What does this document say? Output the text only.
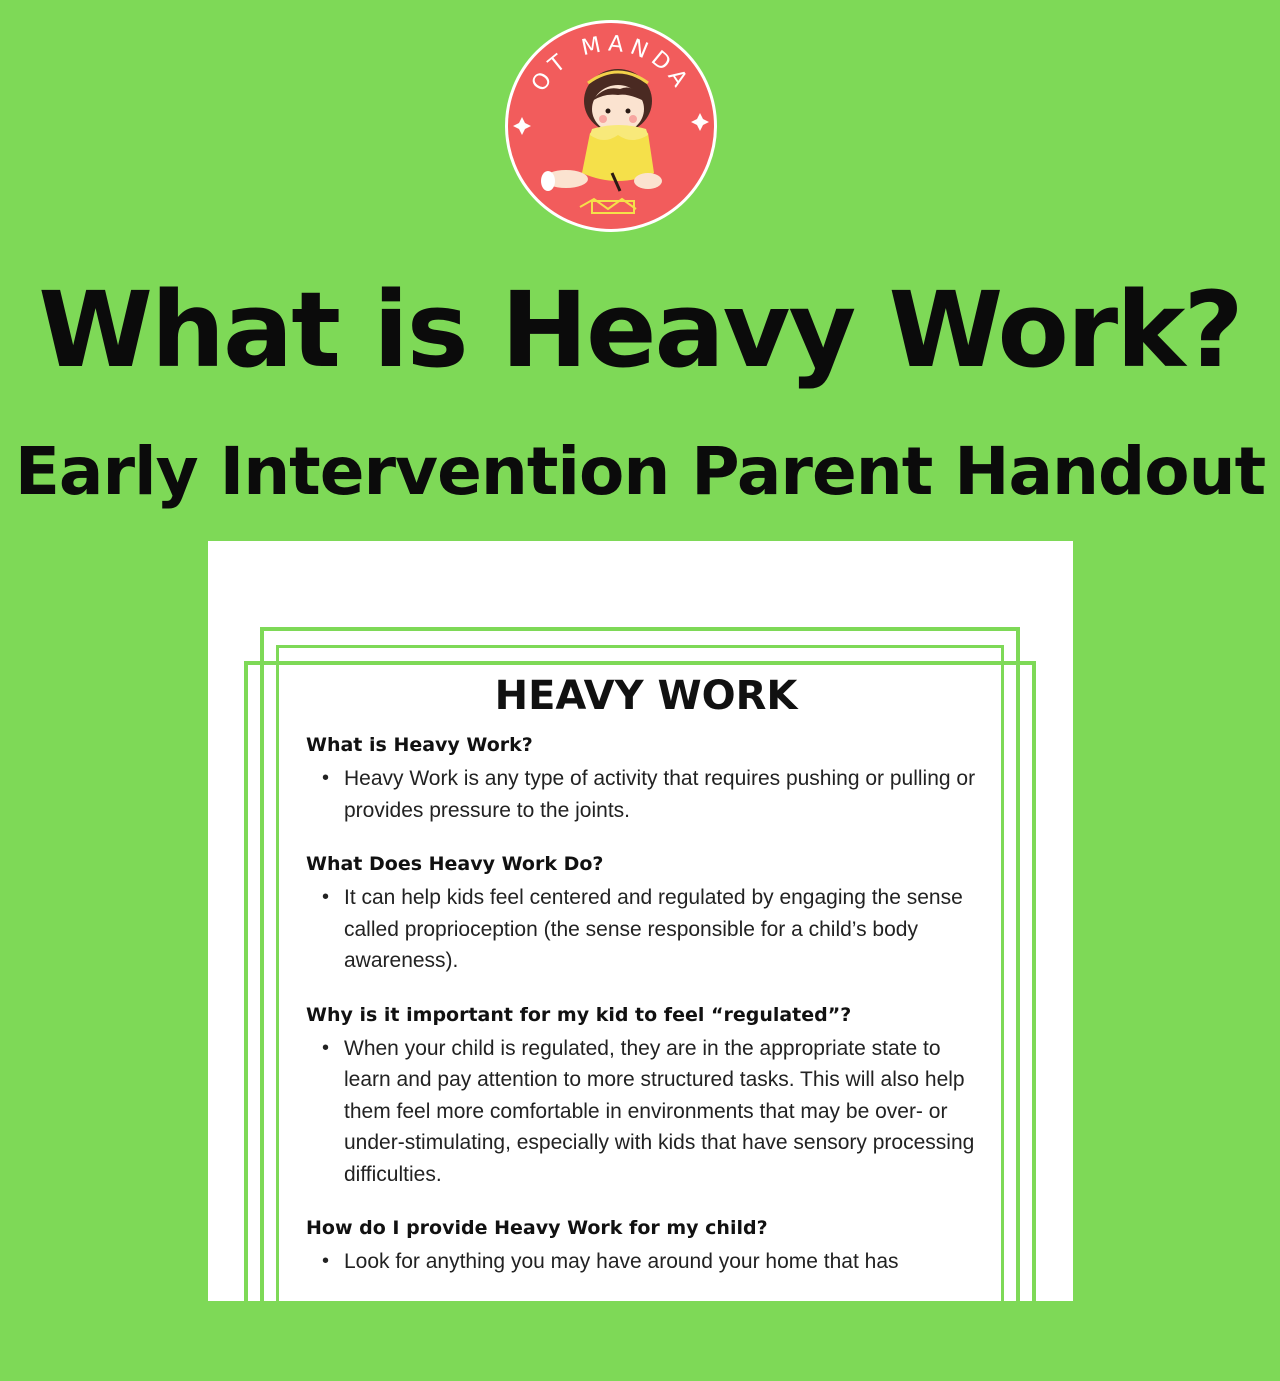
OT MANDA
What is Heavy Work?
Early Intervention Parent Handout
HEAVY WORK

What is Heavy Work?

• Heavy Work is any type of activity that requires pushing or pulling or provides pressure to the joints.

What Does Heavy Work Do?

• It can help kids feel centered and regulated by engaging the sense called proprioception (the sense responsible for a child’s body awareness).

Why is it important for my kid to feel “regulated”?

• When your child is regulated, they are in the appropriate state to learn and pay attention to more structured tasks. This will also help them feel more comfortable in environments that may be over- or under-stimulating, especially with kids that have sensory processing difficulties.

How do I provide Heavy Work for my child?

• Look for anything you may have around your home that has
